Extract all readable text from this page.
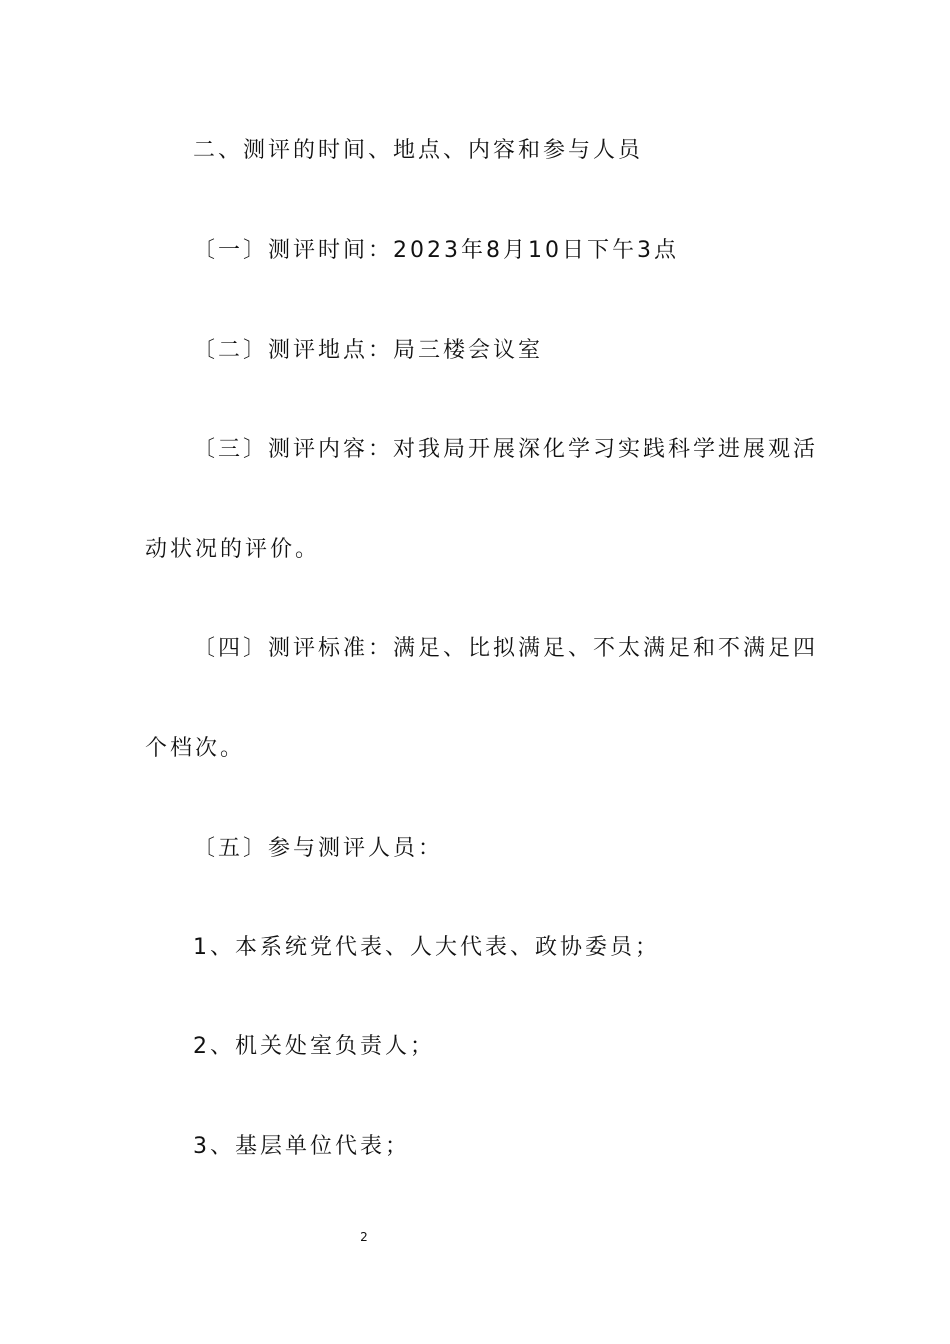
二、测评的时间、地点、内容和参与人员
〔一〕测评时间：2023年8月10日下午3点
〔二〕测评地点：局三楼会议室
〔三〕测评内容：对我局开展深化学习实践科学进展观活
动状况的评价。
〔四〕测评标准：满足、比拟满足、不太满足和不满足四
个档次。
〔五〕参与测评人员：
1、本系统党代表、人大代表、政协委员；
2、机关处室负责人；
3、基层单位代表；
2
